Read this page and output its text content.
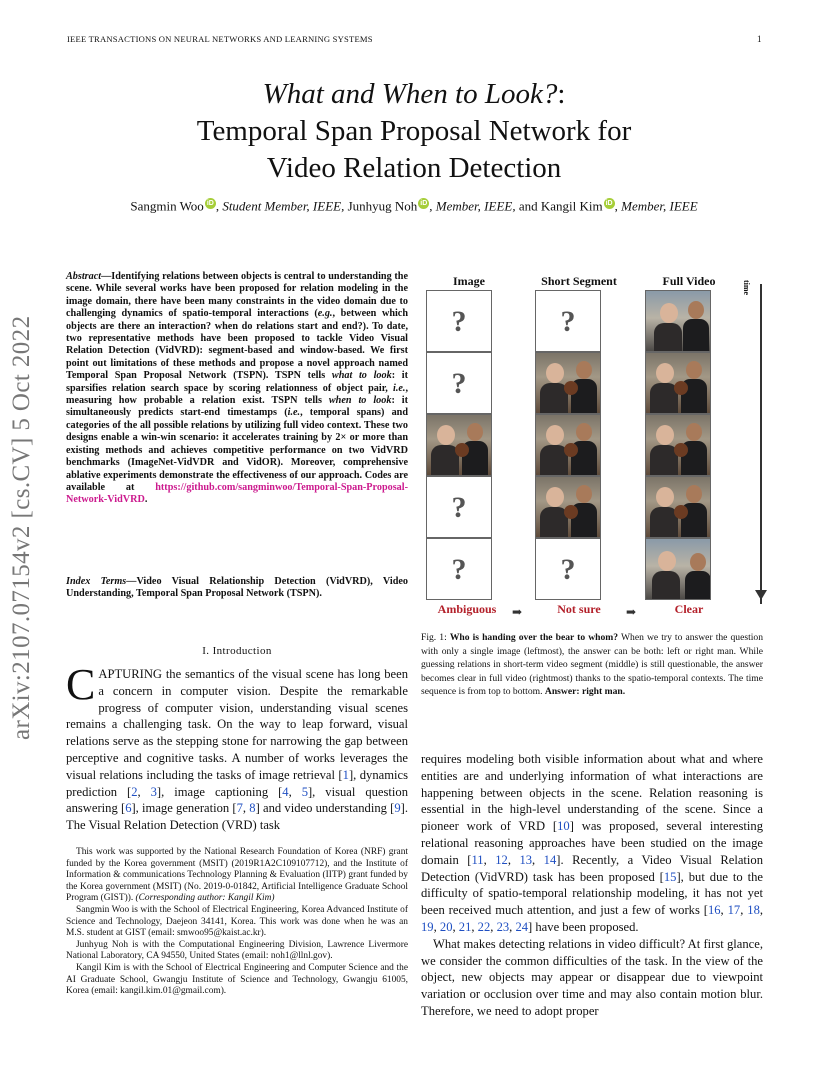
IEEE TRANSACTIONS ON NEURAL NETWORKS AND LEARNING SYSTEMS	1
arXiv:2107.07154v2 [cs.CV] 5 Oct 2022
What and When to Look?:
Temporal Span Proposal Network for
Video Relation Detection
Sangmin Woo iD , Student Member, IEEE, Junhyug Noh iD , Member, IEEE, and Kangil Kim iD , Member, IEEE
Abstract—Identifying relations between objects is central to understanding the scene. While several works have been proposed for relation modeling in the image domain, there have been many constraints in the video domain due to challenging dynamics of spatio-temporal interactions (e.g., between which objects are there an interaction? when do relations start and end?). To date, two representative methods have been proposed to tackle Video Visual Relation Detection (VidVRD): segment-based and window-based. We first point out limitations of these methods and propose a novel approach named Temporal Span Proposal Network (TSPN). TSPN tells what to look: it sparsifies relation search space by scoring relationness of object pair, i.e., measuring how probable a relation exist. TSPN tells when to look: it simultaneously predicts start-end timestamps (i.e., temporal spans) and categories of the all possible relations by utilizing full video context. These two designs enable a win-win scenario: it accelerates training by 2× or more than existing methods and achieves competitive performance on two VidVRD benchmarks (ImageNet-VidVDR and VidOR). Moreover, comprehensive ablative experiments demonstrate the effectiveness of our approach. Codes are available at https://github.com/sangminwoo/Temporal-Span-Proposal-Network-VidVRD.
Index Terms—Video Visual Relationship Detection (VidVRD), Video Understanding, Temporal Span Proposal Network (TSPN).
I. Introduction
CAPTURING the semantics of the visual scene has long been a concern in computer vision. Despite the remarkable progress of computer vision, understanding visual scenes remains a challenging task. On the way to leap forward, visual relations serve as the stepping stone for narrowing the gap between perceptive and cognitive tasks. A number of works leverages the visual relations including the tasks of image retrieval [1], dynamics prediction [2, 3], image captioning [4, 5], visual question answering [6], image generation [7, 8] and video understanding [9]. The Visual Relation Detection (VRD) task

This work was supported by the National Research Foundation of Korea (NRF) grant funded by the Korea government (MSIT) (2019R1A2C109107712), and the Institute of Information & communications Technology Planning & Evaluation (IITP) grant funded by the Korea government (MSIT) (No. 2019-0-01842, Artificial Intelligence Graduate School Program (GIST)). (Corresponding author: Kangil Kim)

Sangmin Woo is with the School of Electrical Engineering, Korea Advanced Institute of Science and Technology, Daejeon 34141, Korea. This work was done when he was an M.S. student at GIST (email: smwoo95@kaist.ac.kr).

Junhyug Noh is with the Computational Engineering Division, Lawrence Livermore National Laboratory, CA 94550, United States (email: noh1@llnl.gov).

Kangil Kim is with the School of Electrical Engineering and Computer Science and the AI Graduate School, Gwangju Institute of Science and Technology, Gwangju 61005, Korea (email: kangil.kim.01@gmail.com).

Image	Short Segment	Full Video	time
?
?
?
?
?
?
Ambiguous	➡	Not sure	➡	Clear
Fig. 1: Who is handing over the bear to whom? When we try to answer the question with only a single image (leftmost), the answer can be both: left or right man. While guessing relations in short-term video segment (middle) is still questionable, the answer becomes clear in full video (rightmost) thanks to the spatio-temporal contexts. The time sequence is from top to bottom. Answer: right man.

requires modeling both visible information about what and where entities are and underlying information of what interactions are happening between objects in the scene. Relation reasoning is essential in the high-level understanding of the scene. Since a pioneer work of VRD [10] was proposed, several interesting relational reasoning approaches have been studied on the image domain [11, 12, 13, 14]. Recently, a Video Visual Relation Detection (VidVRD) task has been proposed [15], but due to the difficulty of spatio-temporal relationship modeling, it has not yet been received much attention, and just a few of works [16, 17, 18, 19, 20, 21, 22, 23, 24] have been proposed.

What makes detecting relations in video difficult? At first glance, we consider the common difficulties of the task. In the view of the object, new objects may appear or disappear due to viewpoint variation or occlusion over time and may also contain motion blur. Therefore, we need to adopt proper
